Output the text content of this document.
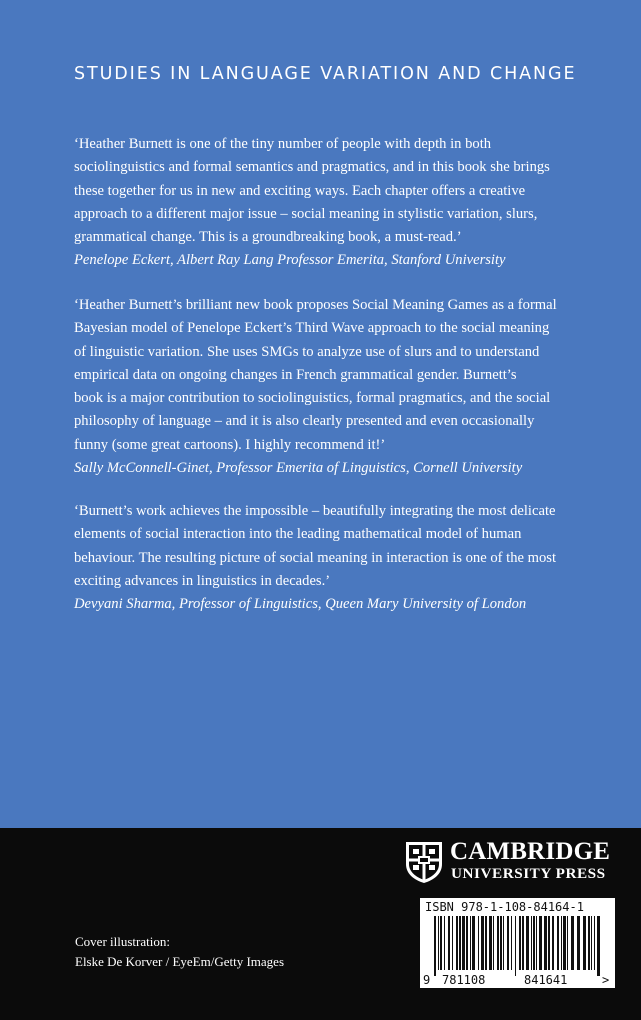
STUDIES IN LANGUAGE VARIATION AND CHANGE

‘Heather Burnett is one of the tiny number of people with depth in both
sociolinguistics and formal semantics and pragmatics, and in this book she brings
these together for us in new and exciting ways. Each chapter offers a creative
approach to a different major issue – social meaning in stylistic variation, slurs,
grammatical change. This is a groundbreaking book, a must-read.’

Penelope Eckert, Albert Ray Lang Professor Emerita, Stanford University

‘Heather Burnett’s brilliant new book proposes Social Meaning Games as a formal
Bayesian model of Penelope Eckert’s Third Wave approach to the social meaning
of linguistic variation. She uses SMGs to analyze use of slurs and to understand
empirical data on ongoing changes in French grammatical gender. Burnett’s
book is a major contribution to sociolinguistics, formal pragmatics, and the social
philosophy of language – and it is also clearly presented and even occasionally
funny (some great cartoons). I highly recommend it!’

Sally McConnell-Ginet, Professor Emerita of Linguistics, Cornell University

‘Burnett’s work achieves the impossible – beautifully integrating the most delicate
elements of social interaction into the leading mathematical model of human
behaviour. The resulting picture of social meaning in interaction is one of the most
exciting advances in linguistics in decades.’

Devyani Sharma, Professor of Linguistics, Queen Mary University of London

CAMBRIDGE
UNIVERSITY PRESS
9 781108	841641	>
ISBN 978-1-108-84164-1
Cover illustration:
Elske De Korver / EyeEm/Getty Images
